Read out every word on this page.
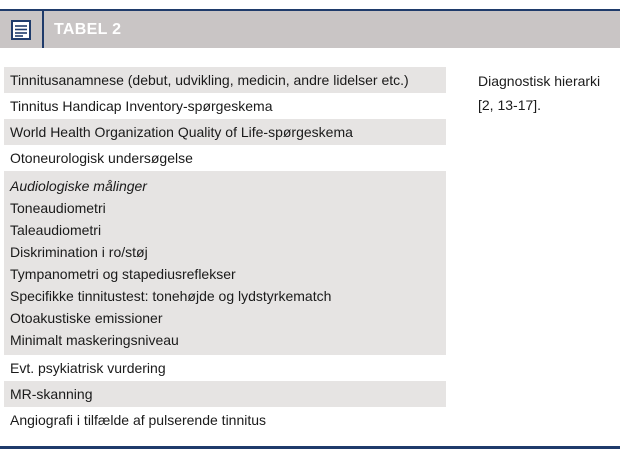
TABEL 2
Tinnitusanamnese (debut, udvikling, medicin, andre lidelser etc.)
Tinnitus Handicap Inventory-spørgeskema
World Health Organization Quality of Life-spørgeskema
Otoneurologisk undersøgelse
Audiologiske målinger
Toneaudiometri
Taleaudiometri
Diskrimination i ro/støj
Tympanometri og stapediusreflekser
Specifikke tinnitustest: tonehøjde og lydstyrkematch
Otoakustiske emissioner
Minimalt maskeringsniveau
Evt. psykiatrisk vurdering
MR-skanning
Angiografi i tilfælde af pulserende tinnitus
Diagnostisk hierarki
[2, 13-17].
